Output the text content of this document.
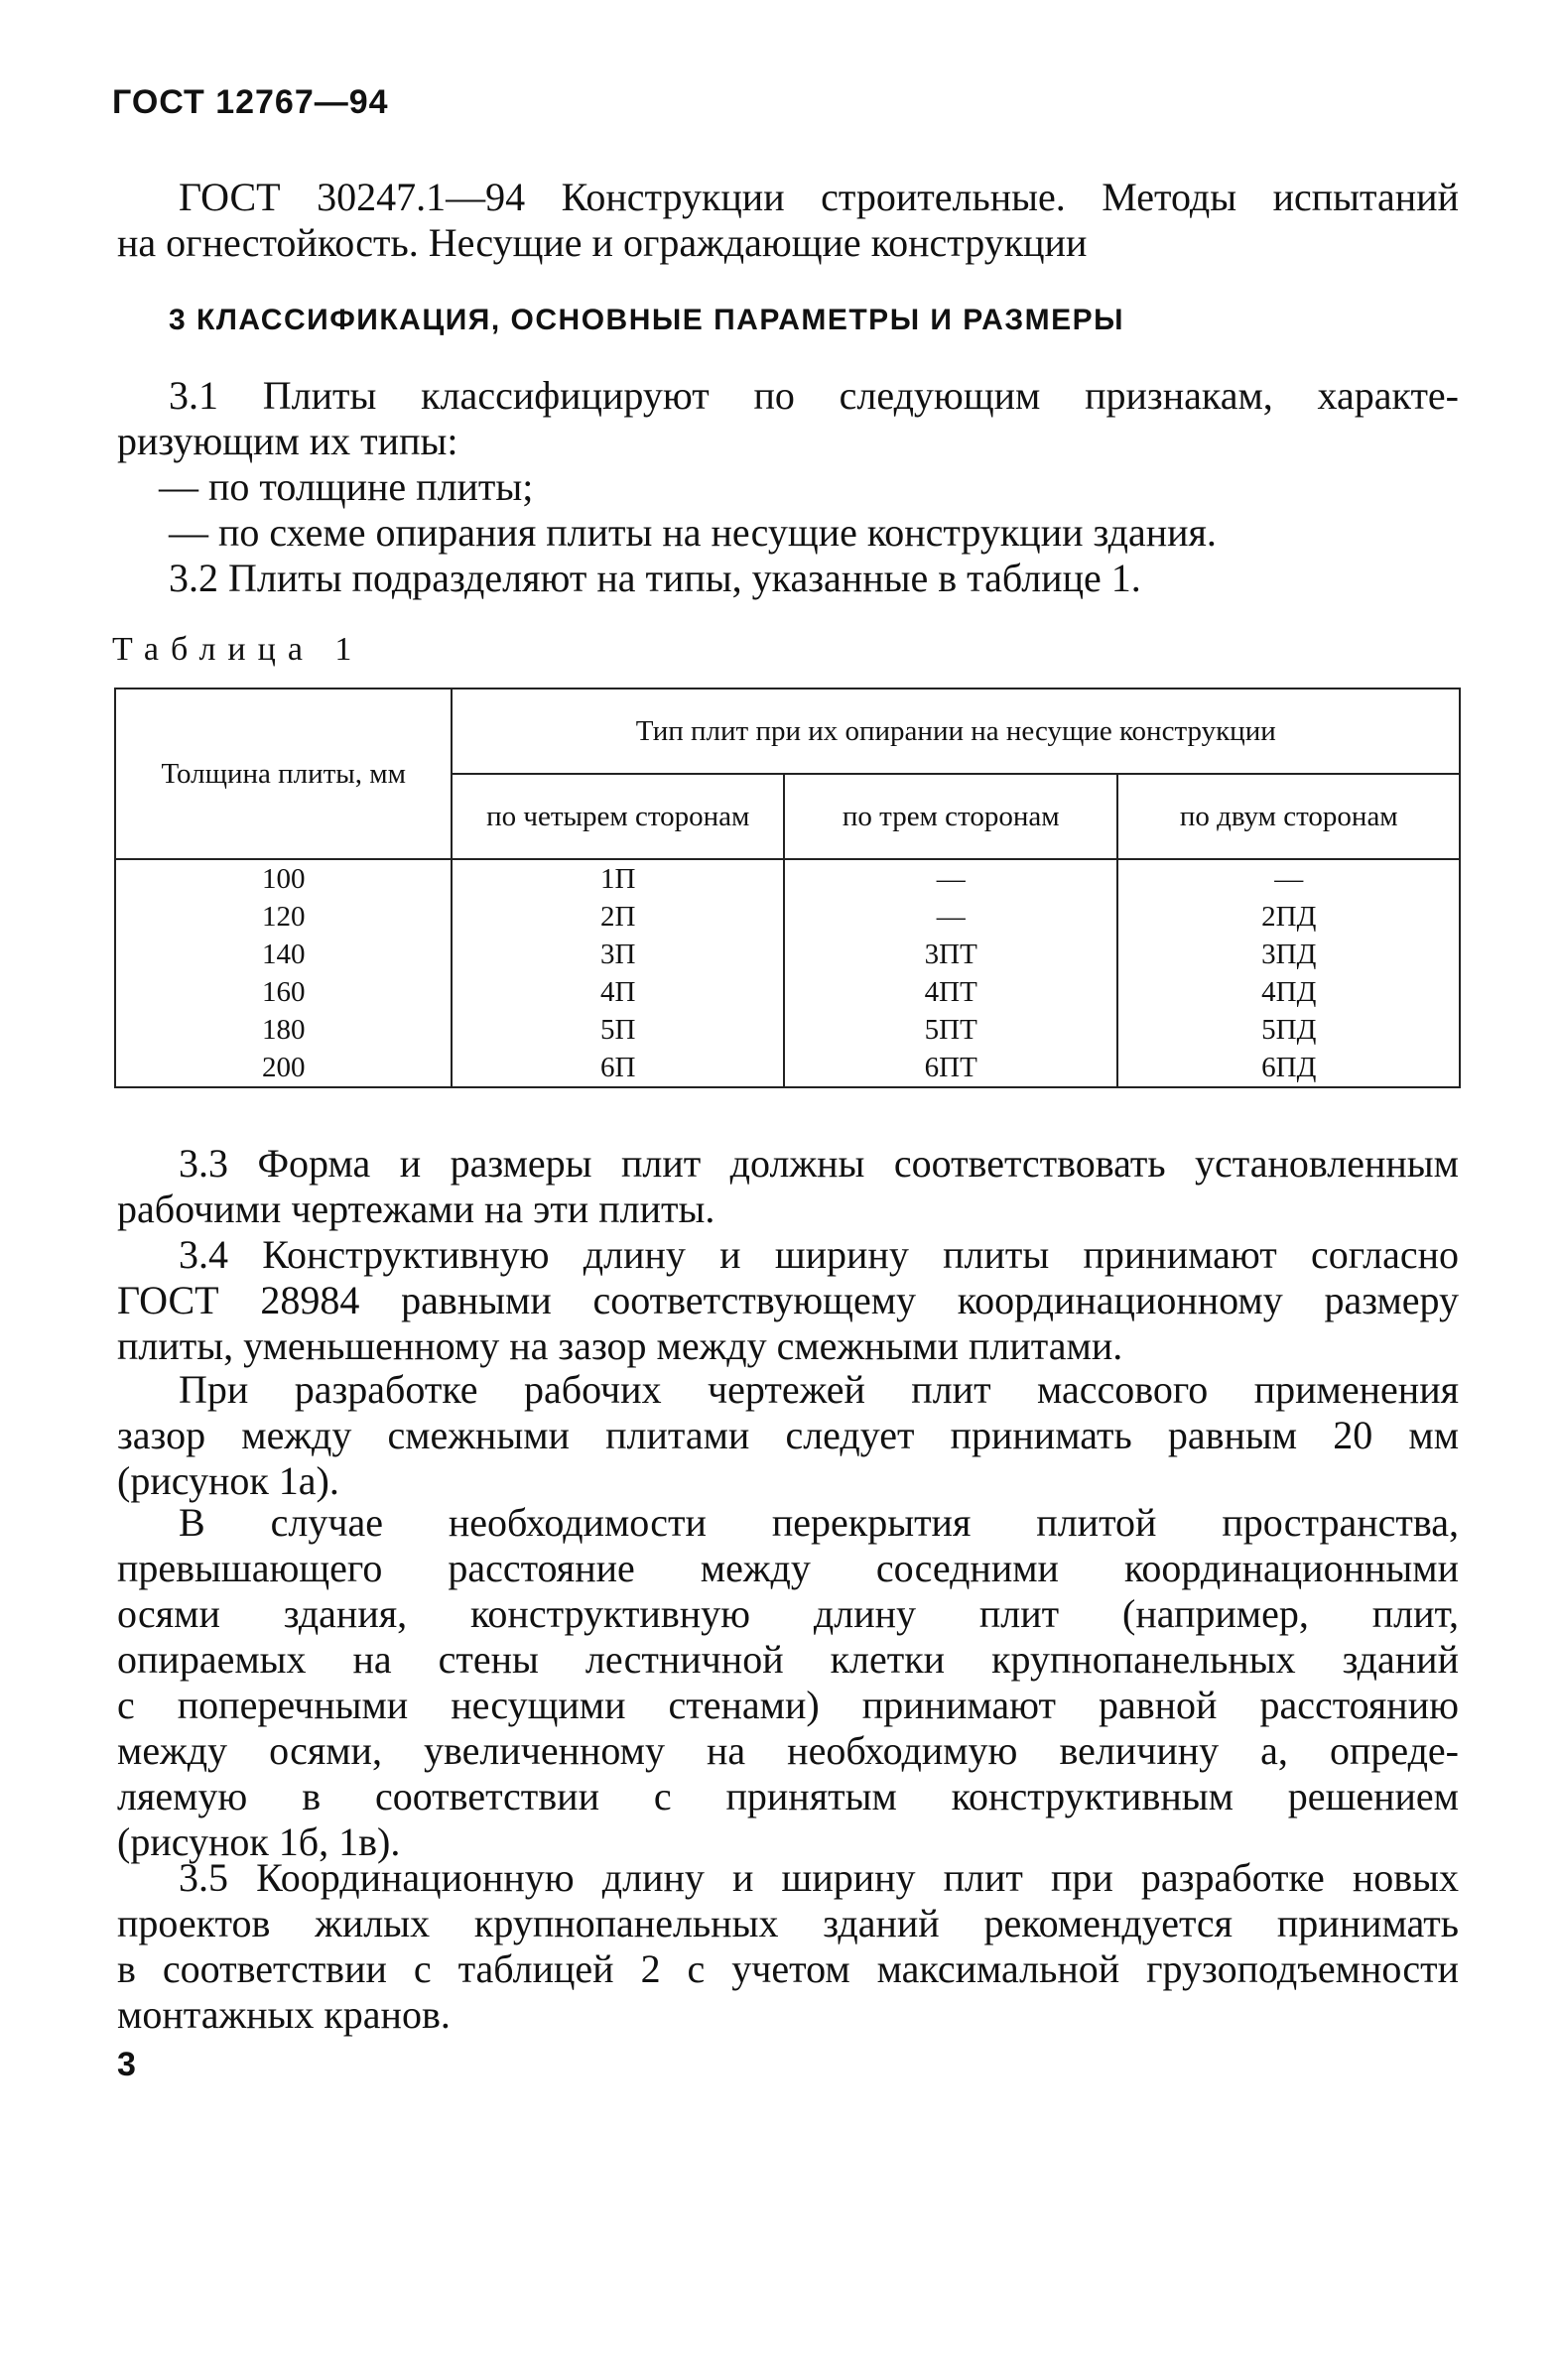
ГОСТ 12767—94
ГОСТ 30247.1—94 Конструкции строительные. Методы испытаний
на огнестойкость. Несущие и ограждающие конструкции
3 КЛАССИФИКАЦИЯ, ОСНОВНЫЕ ПАРАМЕТРЫ И РАЗМЕРЫ
3.1 Плиты классифицируют по следующим признакам, характе-
ризующим их типы:
— по толщине плиты;
— по схеме опирания плиты на несущие конструкции здания.
3.2 Плиты подразделяют на типы, указанные в таблице 1.
Таблица 1
Толщина плиты, мм	Тип плит при их опирании на несущие конструкции		
	по четырем сторонам	по трем сторонам	по двум сторонам
100	1П	—	—
120	2П	—	2ПД
140	3П	3ПТ	3ПД
160	4П	4ПТ	4ПД
180	5П	5ПТ	5ПД
200	6П	6ПТ	6ПД
3.3 Форма и размеры плит должны соответствовать установленным
рабочими чертежами на эти плиты.
3.4 Конструктивную длину и ширину плиты принимают согласно
ГОСТ 28984 равными соответствующему координационному размеру
плиты, уменьшенному на зазор между смежными плитами.
При разработке рабочих чертежей плит массового применения
зазор между смежными плитами следует принимать равным 20 мм
(рисунок 1а).
В случае необходимости перекрытия плитой пространства,
превышающего расстояние между соседними координационными
осями здания, конструктивную длину плит (например, плит,
опираемых на стены лестничной клетки крупнопанельных зданий
с поперечными несущими стенами) принимают равной расстоянию
между осями, увеличенному на необходимую величину а, опреде-
ляемую в соответствии с принятым конструктивным решением
(рисунок 1б, 1в).
3.5 Координационную длину и ширину плит при разработке новых
проектов жилых крупнопанельных зданий рекомендуется принимать
в соответствии с таблицей 2 с учетом максимальной грузоподъемности
монтажных кранов.
3
